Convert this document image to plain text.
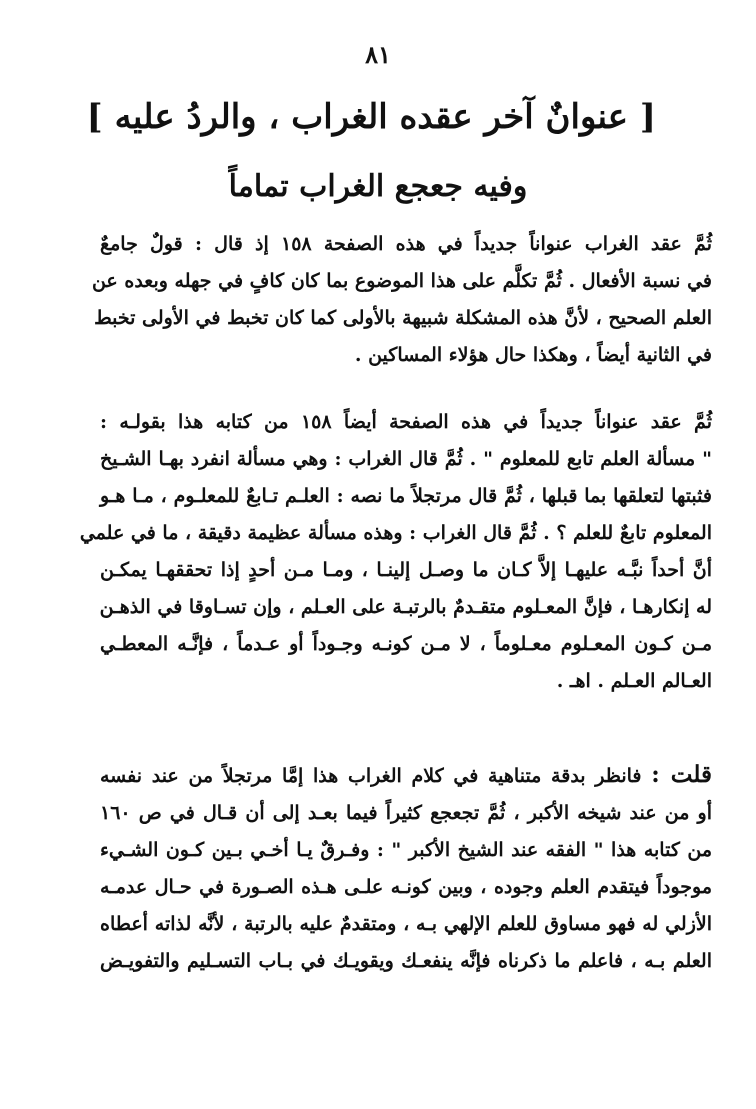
٨١
[ عنوانٌ آخر عقده الغراب ، والردُ عليه ]
وفيه جعجع الغراب تماماً
ثُمَّ عقد الغراب عنواناً جديداً في هذه الصفحة ١٥٨ إذ قال : قولٌ جامعٌ
في نسبة الأفعال . ثُمَّ تكلَّم على هذا الموضوع بما كان كافٍ في جهله وبعده عن
العلم الصحيح ، لأنَّ هذه المشكلة شبيهة بالأولى كما كان تخبط في الأولى تخبط
في الثانية أيضاً ، وهكذا حال هؤلاء المساكين .
ثُمَّ عقد عنواناً جديداً في هذه الصفحة أيضاً ١٥٨ من كتابه هذا بقولـه :
" مسألة العلم تابع للمعلوم " . ثُمَّ قال الغراب : وهي مسألة انفرد بهـا الشـيخ
فثبتها لتعلقها بما قبلها ، ثُمَّ قال مرتجلاً ما نصه : العلـم تـابعٌ للمعلـوم ، مـا هـو
المعلوم تابعٌ للعلم ؟ . ثُمَّ قال الغراب : وهذه مسألة عظيمة دقيقة ، ما في علمي
أنَّ أحداً نبَّـه عليهـا إلاَّ كـان ما وصـل إلينـا ، ومـا مـن أحدٍ إذا تحققهـا يمكـن
له إنكارهـا ، فإنَّ المعـلوم متقـدمٌ بالرتبـة على العـلم ، وإن تسـاوقا في الذهـن
مـن كـون المعـلوم معـلوماً ، لا مـن كونـه وجـوداً أو عـدماً ، فإنَّـه المعطـي
العـالم العـلم . اهـ .
قلت : فانظر بدقة متناهية في كلام الغراب هذا إمَّا مرتجلاً من عند نفسه
أو من عند شيخه الأكبر ، ثُمَّ تجعجع كثيراً فيما بعـد إلى أن قـال في ص ١٦٠
من كتابه هذا " الفقه عند الشيخ الأكبر " : وفـرقٌ يـا أخـي بـين كـون الشـيء
موجوداً فيتقدم العلم وجوده ، وبين كونـه علـى هـذه الصـورة في حـال عدمـه
الأزلي له فهو مساوق للعلم الإلهي بـه ، ومتقدمٌ عليه بالرتبة ، لأنَّه لذاته أعطاه
العلم بـه ، فاعلم ما ذكرناه فإنَّه ينفعـك ويقويـك في بـاب التسـليم والتفويـض
